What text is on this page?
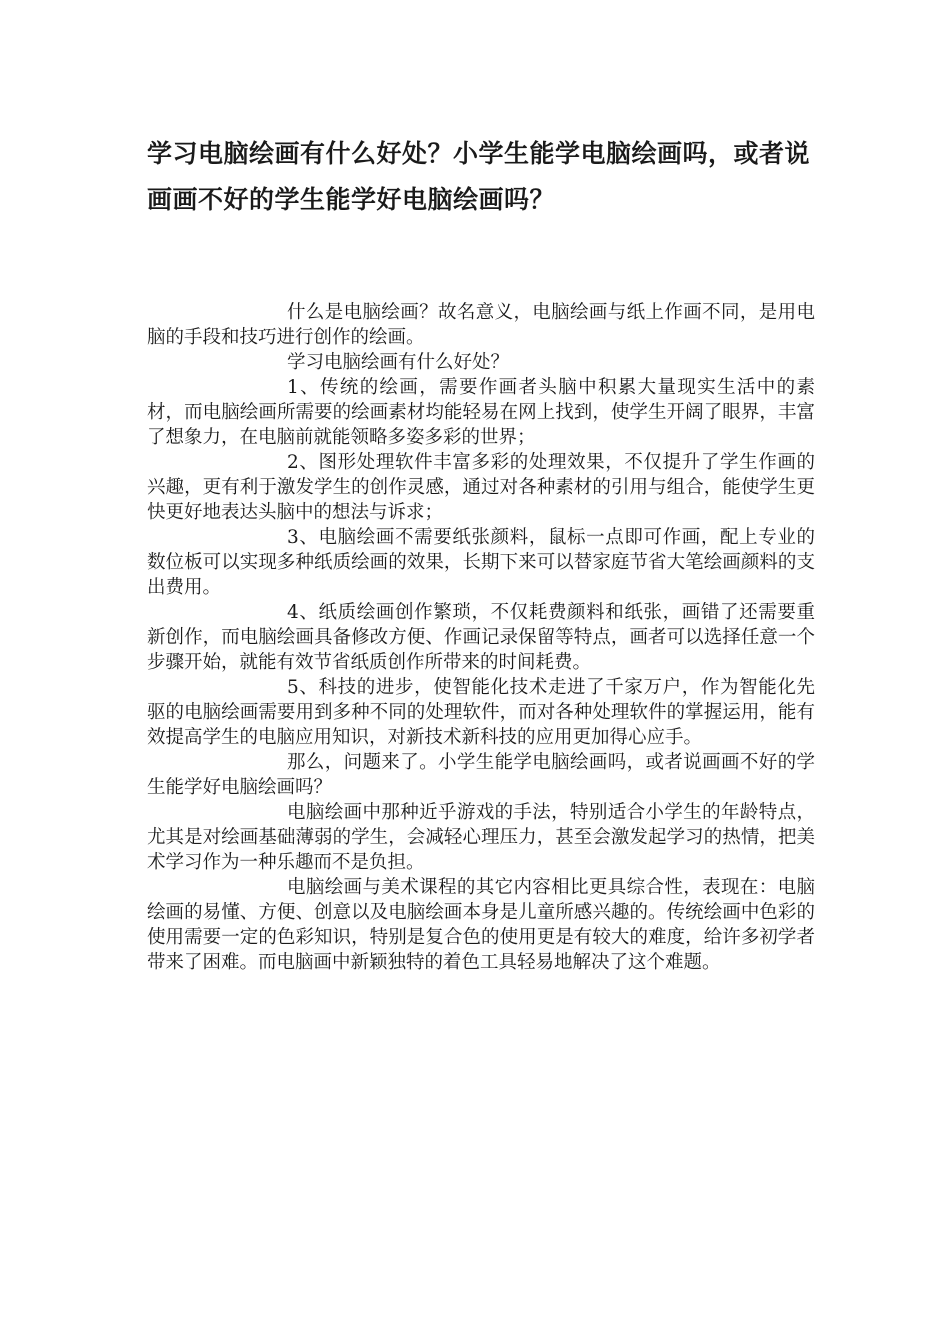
学习电脑绘画有什么好处？小学生能学电脑绘画吗，或者说画画不好的学生能学好电脑绘画吗？

什么是电脑绘画？故名意义，电脑绘画与纸上作画不同，是用电脑的手段和技巧进行创作的绘画。

学习电脑绘画有什么好处？

1、传统的绘画，需要作画者头脑中积累大量现实生活中的素材，而电脑绘画所需要的绘画素材均能轻易在网上找到，使学生开阔了眼界，丰富了想象力，在电脑前就能领略多姿多彩的世界；

2、图形处理软件丰富多彩的处理效果，不仅提升了学生作画的兴趣，更有利于激发学生的创作灵感，通过对各种素材的引用与组合，能使学生更快更好地表达头脑中的想法与诉求；

3、电脑绘画不需要纸张颜料，鼠标一点即可作画，配上专业的数位板可以实现多种纸质绘画的效果，长期下来可以替家庭节省大笔绘画颜料的支出费用。

4、纸质绘画创作繁琐，不仅耗费颜料和纸张，画错了还需要重新创作，而电脑绘画具备修改方便、作画记录保留等特点，画者可以选择任意一个步骤开始，就能有效节省纸质创作所带来的时间耗费。

5、科技的进步，使智能化技术走进了千家万户，作为智能化先驱的电脑绘画需要用到多种不同的处理软件，而对各种处理软件的掌握运用，能有效提高学生的电脑应用知识，对新技术新科技的应用更加得心应手。

那么，问题来了。小学生能学电脑绘画吗，或者说画画不好的学生能学好电脑绘画吗？

电脑绘画中那种近乎游戏的手法，特别适合小学生的年龄特点，尤其是对绘画基础薄弱的学生，会减轻心理压力，甚至会激发起学习的热情，把美术学习作为一种乐趣而不是负担。

电脑绘画与美术课程的其它内容相比更具综合性，表现在：电脑绘画的易懂、方便、创意以及电脑绘画本身是儿童所感兴趣的。传统绘画中色彩的使用需要一定的色彩知识，特别是复合色的使用更是有较大的难度，给许多初学者带来了困难。而电脑画中新颖独特的着色工具轻易地解决了这个难题。
